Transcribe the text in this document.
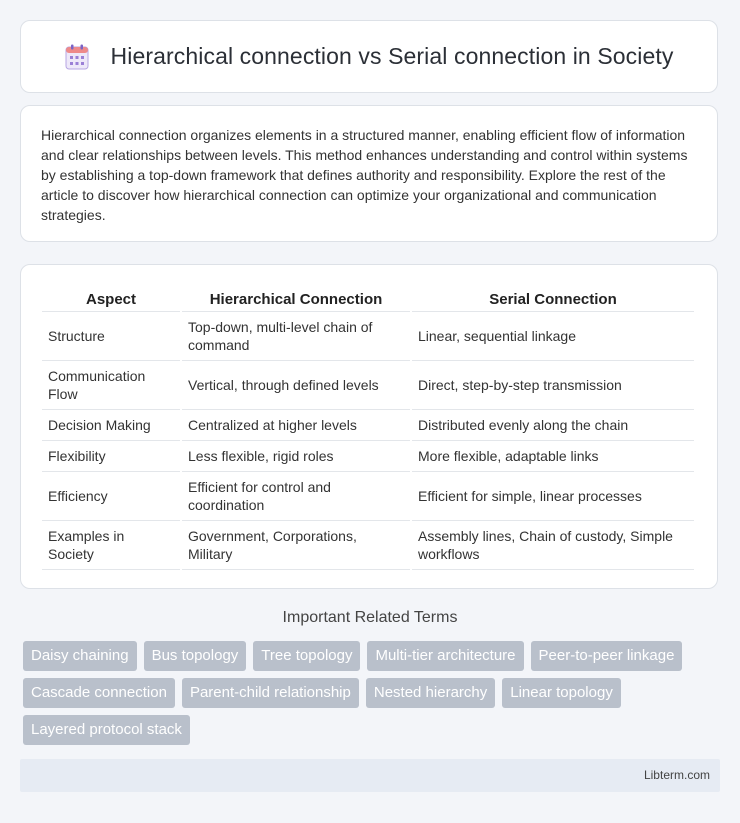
Hierarchical connection vs Serial connection in Society

Hierarchical connection organizes elements in a structured manner, enabling efficient flow of information and clear relationships between levels. This method enhances understanding and control within systems by establishing a top-down framework that defines authority and responsibility. Explore the rest of the article to discover how hierarchical connection can optimize your organizational and communication strategies.

Aspect	Hierarchical Connection	Serial Connection
Structure	Top-down, multi-level chain of command	Linear, sequential linkage
Communication Flow	Vertical, through defined levels	Direct, step-by-step transmission
Decision Making	Centralized at higher levels	Distributed evenly along the chain
Flexibility	Less flexible, rigid roles	More flexible, adaptable links
Efficiency	Efficient for control and coordination	Efficient for simple, linear processes
Examples in Society	Government, Corporations, Military	Assembly lines, Chain of custody, Simple workflows
Important Related Terms
Daisy chaining	Bus topology	Tree topology	Multi-tier architecture	Peer-to-peer linkage
Cascade connection	Parent-child relationship	Nested hierarchy	Linear topology
Layered protocol stack
Libterm.com
